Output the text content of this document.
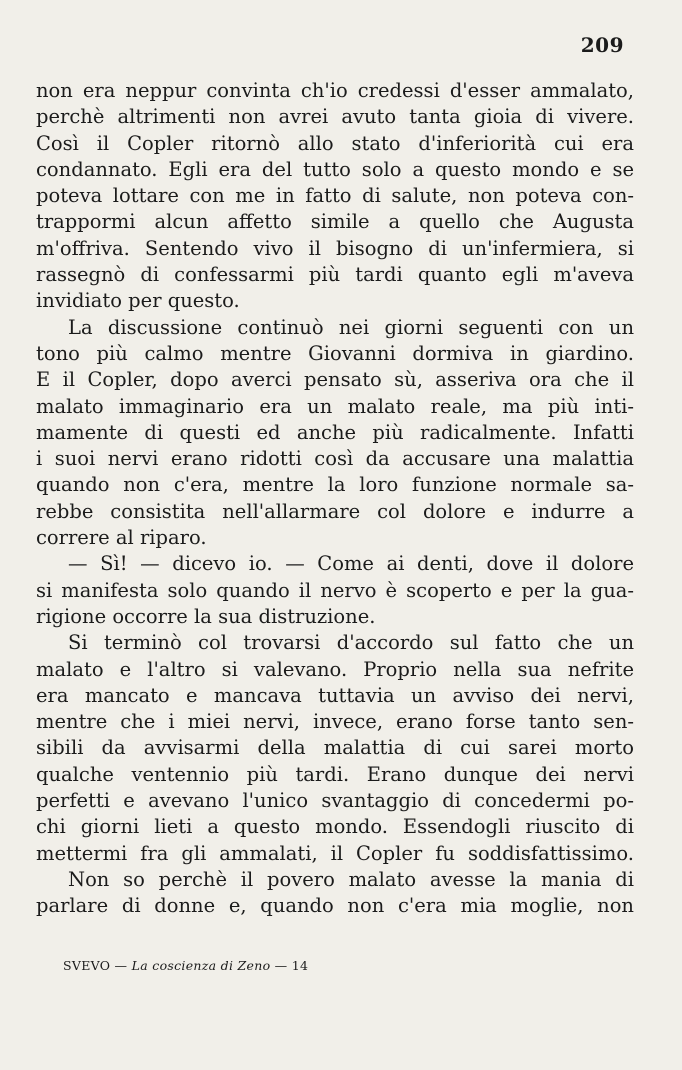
209
non era neppur convinta ch'io credessi d'esser ammalato,
perchè altrimenti non avrei avuto tanta gioia di vivere.
Così il Copler ritornò allo stato d'inferiorità cui era
condannato. Egli era del tutto solo a questo mondo e se
poteva lottare con me in fatto di salute, non poteva con-
trappormi alcun affetto simile a quello che Augusta
m'offriva. Sentendo vivo il bisogno di un'infermiera, si
rassegnò di confessarmi più tardi quanto egli m'aveva
invidiato per questo.
La discussione continuò nei giorni seguenti con un
tono più calmo mentre Giovanni dormiva in giardino.
E il Copler, dopo averci pensato sù, asseriva ora che il
malato immaginario era un malato reale, ma più inti-
mamente di questi ed anche più radicalmente. Infatti
i suoi nervi erano ridotti così da accusare una malattia
quando non c'era, mentre la loro funzione normale sa-
rebbe consistita nell'allarmare col dolore e indurre a
correre al riparo.
— Sì! — dicevo io. — Come ai denti, dove il dolore
si manifesta solo quando il nervo è scoperto e per la gua-
rigione occorre la sua distruzione.
Si terminò col trovarsi d'accordo sul fatto che un
malato e l'altro si valevano. Proprio nella sua nefrite
era mancato e mancava tuttavia un avviso dei nervi,
mentre che i miei nervi, invece, erano forse tanto sen-
sibili da avvisarmi della malattia di cui sarei morto
qualche ventennio più tardi. Erano dunque dei nervi
perfetti e avevano l'unico svantaggio di concedermi po-
chi giorni lieti a questo mondo. Essendogli riuscito di
mettermi fra gli ammalati, il Copler fu soddisfattissimo.
Non so perchè il povero malato avesse la mania di
parlare di donne e, quando non c'era mia moglie, non
SVEVO — La coscienza di Zeno — 14
